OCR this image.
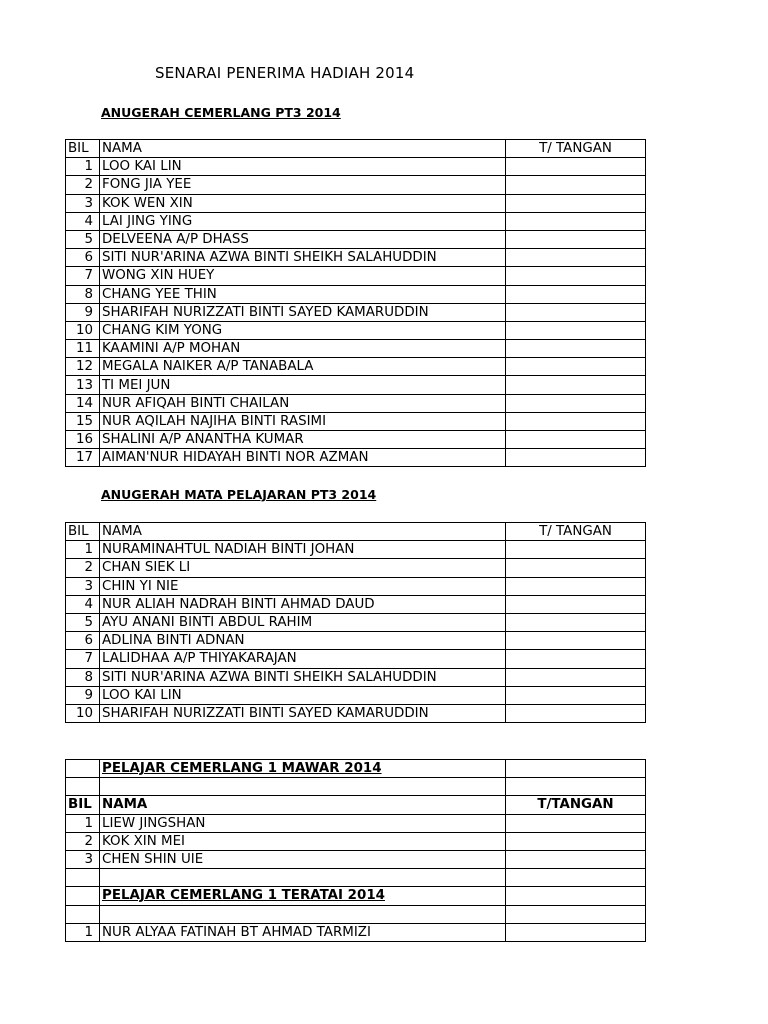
SENARAI PENERIMA HADIAH 2014
ANUGERAH CEMERLANG PT3 2014
BIL	NAMA	T/ TANGAN
1	LOO KAI LIN	
2	FONG JIA YEE	
3	KOK WEN XIN	
4	LAI JING YING	
5	DELVEENA A/P DHASS	
6	SITI NUR'ARINA AZWA BINTI SHEIKH SALAHUDDIN	
7	WONG XIN HUEY	
8	CHANG YEE THIN	
9	SHARIFAH NURIZZATI BINTI SAYED KAMARUDDIN	
10	CHANG KIM YONG	
11	KAAMINI A/P MOHAN	
12	MEGALA NAIKER A/P TANABALA	
13	TI MEI JUN	
14	NUR AFIQAH BINTI CHAILAN	
15	NUR AQILAH NAJIHA BINTI RASIMI	
16	SHALINI A/P ANANTHA KUMAR	
17	AIMAN'NUR HIDAYAH BINTI NOR AZMAN	
ANUGERAH MATA PELAJARAN PT3 2014
BIL	NAMA	T/ TANGAN
1	NURAMINAHTUL NADIAH BINTI JOHAN	
2	CHAN SIEK LI	
3	CHIN YI NIE	
4	NUR ALIAH NADRAH BINTI AHMAD DAUD	
5	AYU ANANI BINTI ABDUL RAHIM	
6	ADLINA BINTI ADNAN	
7	LALIDHAA A/P THIYAKARAJAN	
8	SITI NUR'ARINA AZWA BINTI SHEIKH SALAHUDDIN	
9	LOO KAI LIN	
10	SHARIFAH NURIZZATI BINTI SAYED KAMARUDDIN	
	PELAJAR CEMERLANG 1 MAWAR 2014	

BIL	NAMA	T/TANGAN
1	LIEW JINGSHAN	
2	KOK XIN MEI	
3	CHEN SHIN UIE	

	PELAJAR CEMERLANG 1 TERATAI 2014	

1	NUR ALYAA FATINAH BT AHMAD TARMIZI	
